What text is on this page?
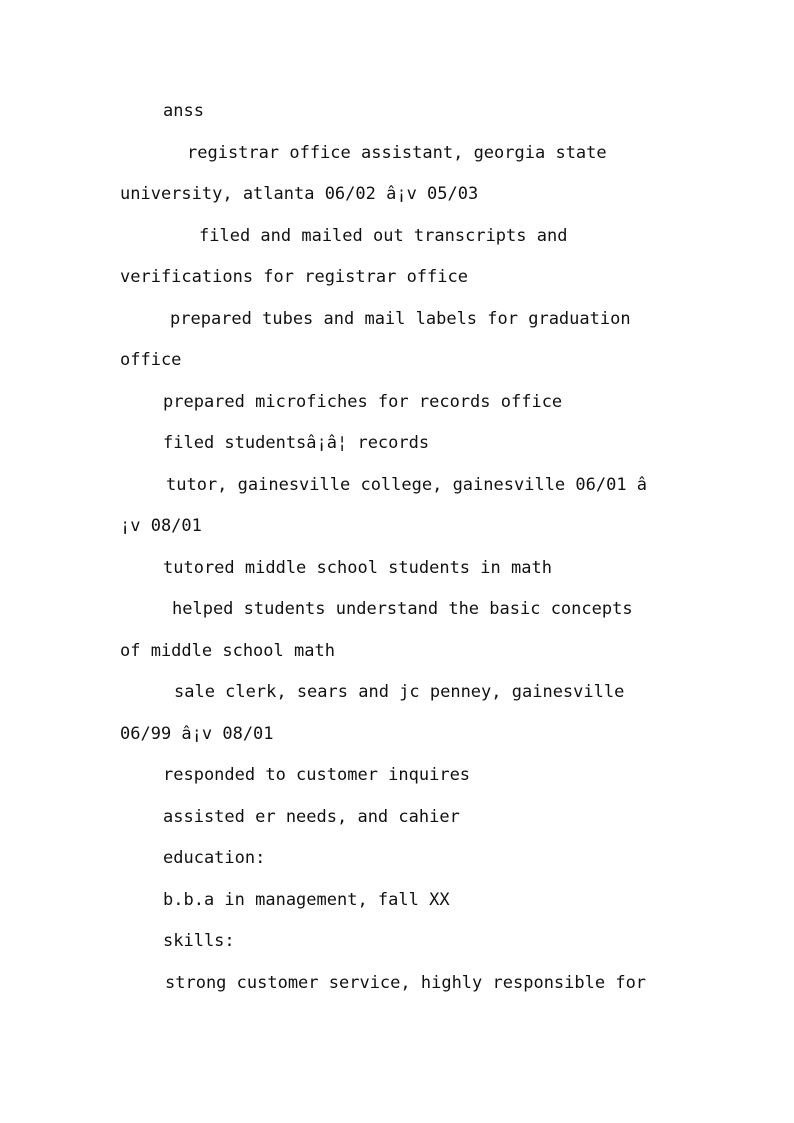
anss
registrar office assistant, georgia state
university, atlanta 06/02 â¡v 05/03
filed and mailed out transcripts and
verifications for registrar office
prepared tubes and mail labels for graduation
office
prepared microfiches for records office
filed studentsâ¡â¦ records
tutor, gainesville college, gainesville 06/01 â
¡v 08/01
tutored middle school students in math
helped students understand the basic concepts
of middle school math
sale clerk, sears and jc penney, gainesville
06/99 â¡v 08/01
responded to customer inquires
assisted er needs, and cahier
education:
b.b.a in management, fall XX
skills:
strong customer service, highly responsible for
